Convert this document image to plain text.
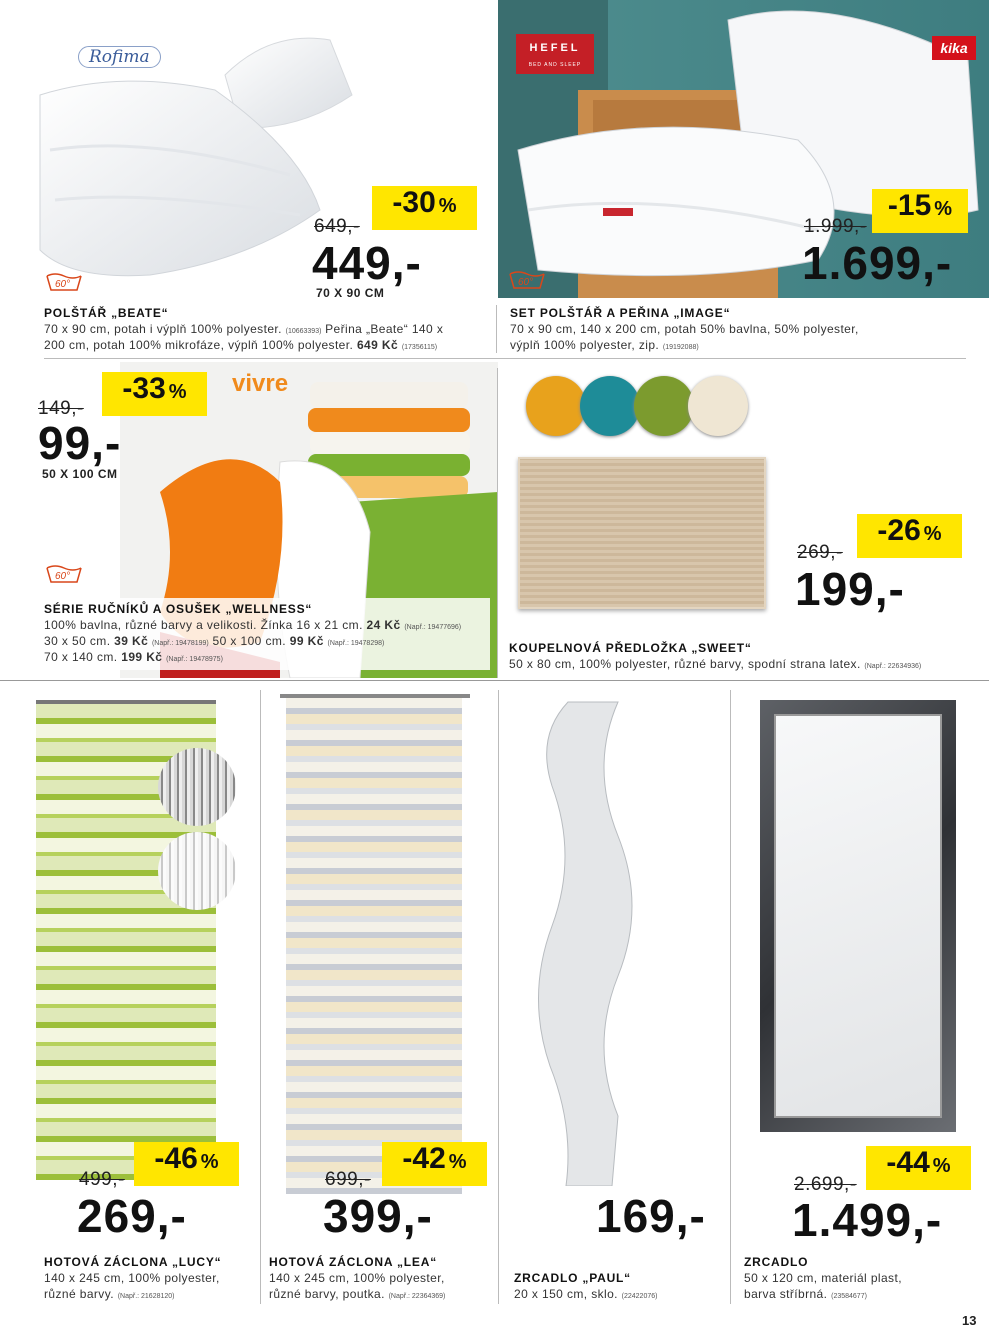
Rofima
60°
649,-
-30 %
449,-
70 X 90 CM
POLŠTÁŘ „BEATE“
70 x 90 cm, potah i výplň 100% polyester. (10663393) Peřina „Beate“ 140 x
200 cm, potah 100% mikrofáze, výplň 100% polyester. 649 Kč (17356115)
HEFEL
BED AND SLEEP
kika
60°
1.999,-
-15 %
1.699,-
SET POLŠTÁŘ A PEŘINA „IMAGE“
70 x 90 cm, 140 x 200 cm, potah 50% bavlna, 50% polyester,
výplň 100% polyester, zip. (19192088)
vivre
149,-
-33 %
99,-
50 X 100 CM
60°
SÉRIE RUČNÍKŮ A OSUŠEK „WELLNESS“
100% bavlna, různé barvy a velikosti. Žínka 16 x 21 cm. 24 Kč (Např.: 19477696)
30 x 50 cm. 39 Kč (Např.: 19478199) 50 x 100 cm. 99 Kč (Např.: 19478298)
70 x 140 cm. 199 Kč (Např.: 19478975)
269,-
-26 %
199,-
KOUPELNOVÁ PŘEDLOŽKA „SWEET“
50 x 80 cm, 100% polyester, různé barvy, spodní strana latex. (Např.: 22634936)
499,-
-46 %
269,-
HOTOVÁ ZÁCLONA „LUCY“
140 x 245 cm, 100% polyester,
různé barvy. (Např.: 21628120)
699,-
-42 %
399,-
HOTOVÁ ZÁCLONA „LEA“
140 x 245 cm, 100% polyester,
různé barvy, poutka. (Např.: 22364369)
169,-
ZRCADLO „PAUL“
20 x 150 cm, sklo. (22422076)
2.699,-
-44 %
1.499,-
ZRCADLO
50 x 120 cm, materiál plast,
barva stříbrná. (23584677)
13
